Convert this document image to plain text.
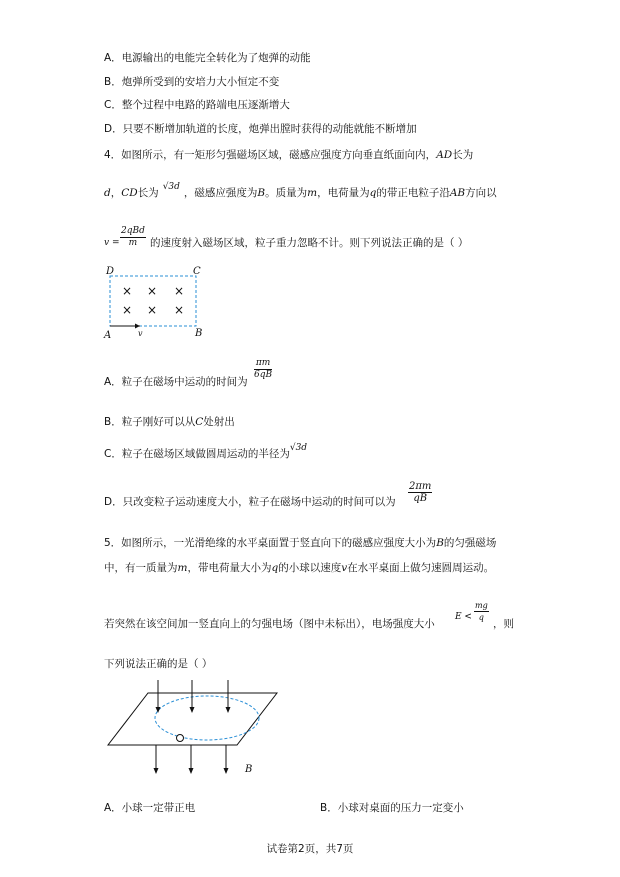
A．电源输出的电能完全转化为了炮弹的动能
B．炮弹所受到的安培力大小恒定不变
C．整个过程中电路的路端电压逐渐增大
D．只要不断增加轨道的长度，炮弹出膛时获得的动能就能不断增加
4．如图所示，有一矩形匀强磁场区域，磁感应强度方向垂直纸面向内，AD长为
d，CD长为 √3d ，磁感应强度为B。质量为m，电荷量为q的带正电粒子沿AB方向以
v =
2qBd
m	的速度射入磁场区域，粒子重力忽略不计。则下列说法正确的是（ ）
D	C
A	B
v
× × ×
× × ×
A．粒子在磁场中运动的时间为
$\frac{\pi m}{6qB}$
B．粒子刚好可以从C处射出
C．粒子在磁场区域做圆周运动的半径为√3d
D．只改变粒子运动速度大小，粒子在磁场中运动的时间可以为 $\frac{2\pi m}{qB}$
5．如图所示，一光滑绝缘的水平桌面置于竖直向下的磁感应强度大小为B的匀强磁场
中，有一质量为m，带电荷量大小为q的小球以速度v在水平桌面上做匀速圆周运动。
若突然在该空间加一竖直向上的匀强电场（图中未标出），电场强度大小
$E < \frac{mg}{q}$
，则
下列说法正确的是（ ）
B
A．小球一定带正电	B．小球对桌面的压力一定变小
试卷第2页，共7页
